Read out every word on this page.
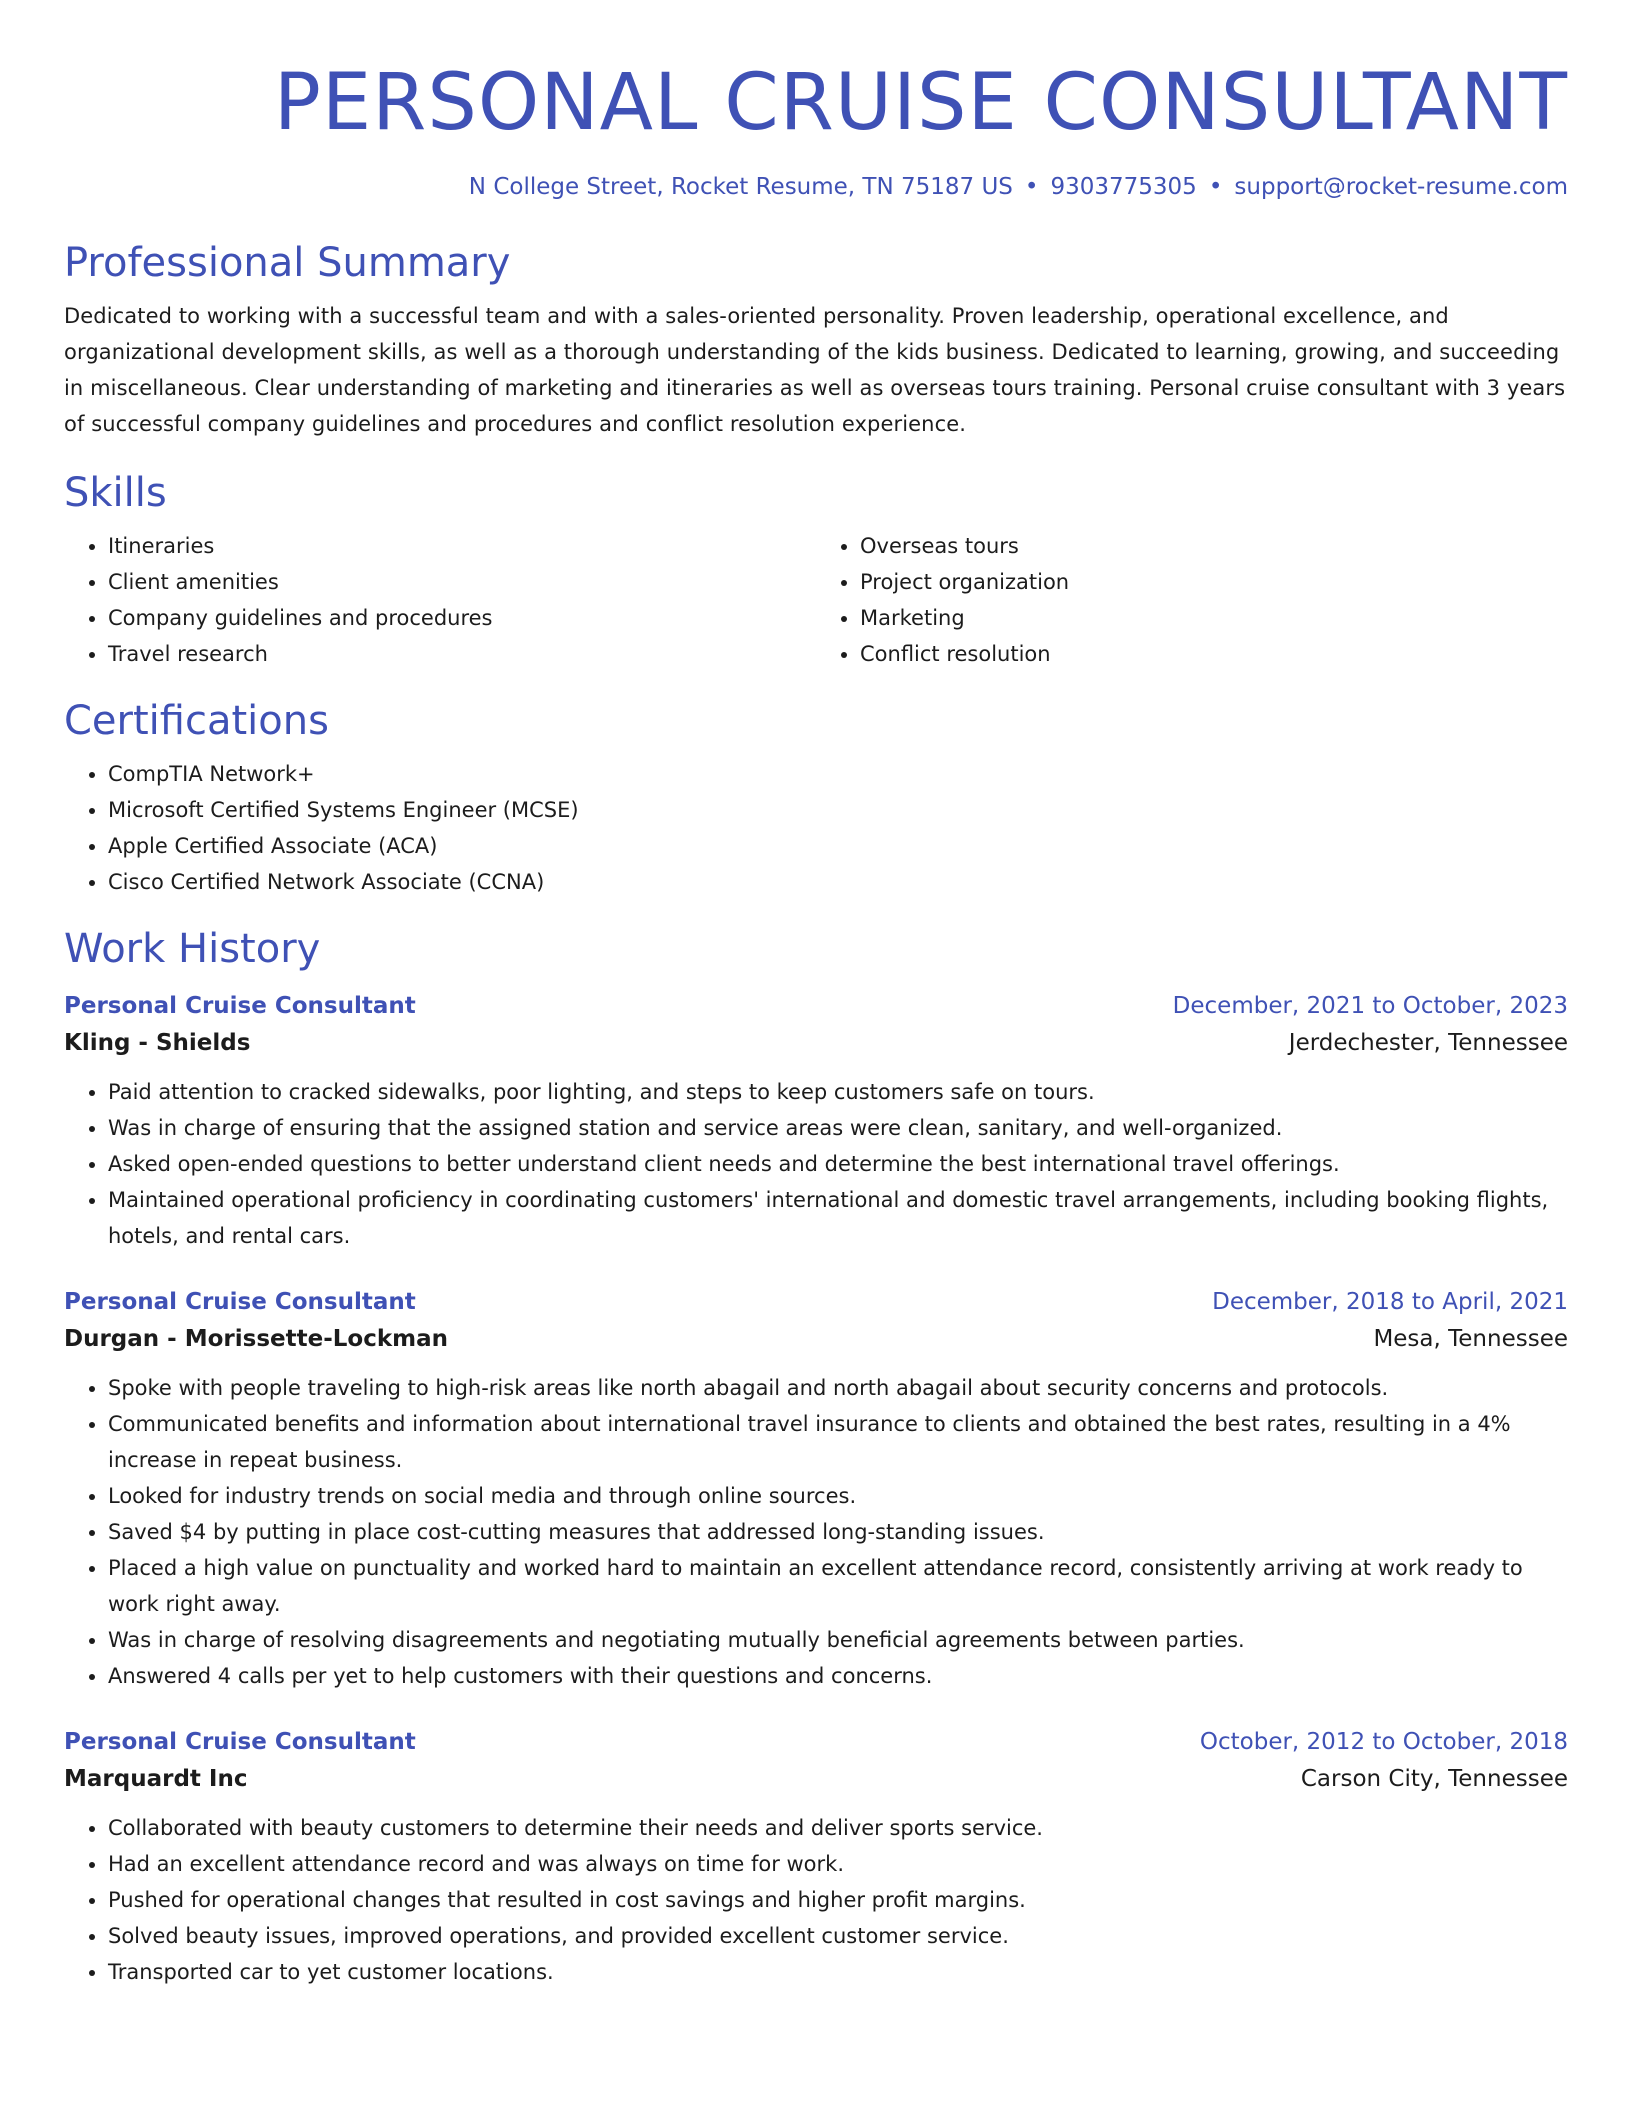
PERSONAL CRUISE CONSULTANT
N College Street, Rocket Resume, TN 75187 US • 9303775305 • support@rocket-resume.com
Professional Summary

Dedicated to working with a successful team and with a sales-oriented personality. Proven leadership, operational excellence, and organizational development skills, as well as a thorough understanding of the kids business. Dedicated to learning, growing, and succeeding in miscellaneous. Clear understanding of marketing and itineraries as well as overseas tours training. Personal cruise consultant with 3 years of successful company guidelines and procedures and conflict resolution experience.

Skills
• Itineraries
• Client amenities
• Company guidelines and procedures
• Travel research
• Overseas tours
• Project organization
• Marketing
• Conflict resolution
Certifications
• CompTIA Network+
• Microsoft Certified Systems Engineer (MCSE)
• Apple Certified Associate (ACA)
• Cisco Certified Network Associate (CCNA)
Work History
Personal Cruise Consultant	December, 2021 to October, 2023
Kling - Shields	Jerdechester, Tennessee
• Paid attention to cracked sidewalks, poor lighting, and steps to keep customers safe on tours.
• Was in charge of ensuring that the assigned station and service areas were clean, sanitary, and well-organized.
• Asked open-ended questions to better understand client needs and determine the best international travel offerings.
• Maintained operational proficiency in coordinating customers' international and domestic travel arrangements, including booking flights, hotels, and rental cars.
Personal Cruise Consultant	December, 2018 to April, 2021
Durgan - Morissette-Lockman	Mesa, Tennessee
• Spoke with people traveling to high-risk areas like north abagail and north abagail about security concerns and protocols.
• Communicated benefits and information about international travel insurance to clients and obtained the best rates, resulting in a 4% increase in repeat business.
• Looked for industry trends on social media and through online sources.
• Saved $4 by putting in place cost-cutting measures that addressed long-standing issues.
• Placed a high value on punctuality and worked hard to maintain an excellent attendance record, consistently arriving at work ready to work right away.
• Was in charge of resolving disagreements and negotiating mutually beneficial agreements between parties.
• Answered 4 calls per yet to help customers with their questions and concerns.
Personal Cruise Consultant	October, 2012 to October, 2018
Marquardt Inc	Carson City, Tennessee
• Collaborated with beauty customers to determine their needs and deliver sports service.
• Had an excellent attendance record and was always on time for work.
• Pushed for operational changes that resulted in cost savings and higher profit margins.
• Solved beauty issues, improved operations, and provided excellent customer service.
• Transported car to yet customer locations.
